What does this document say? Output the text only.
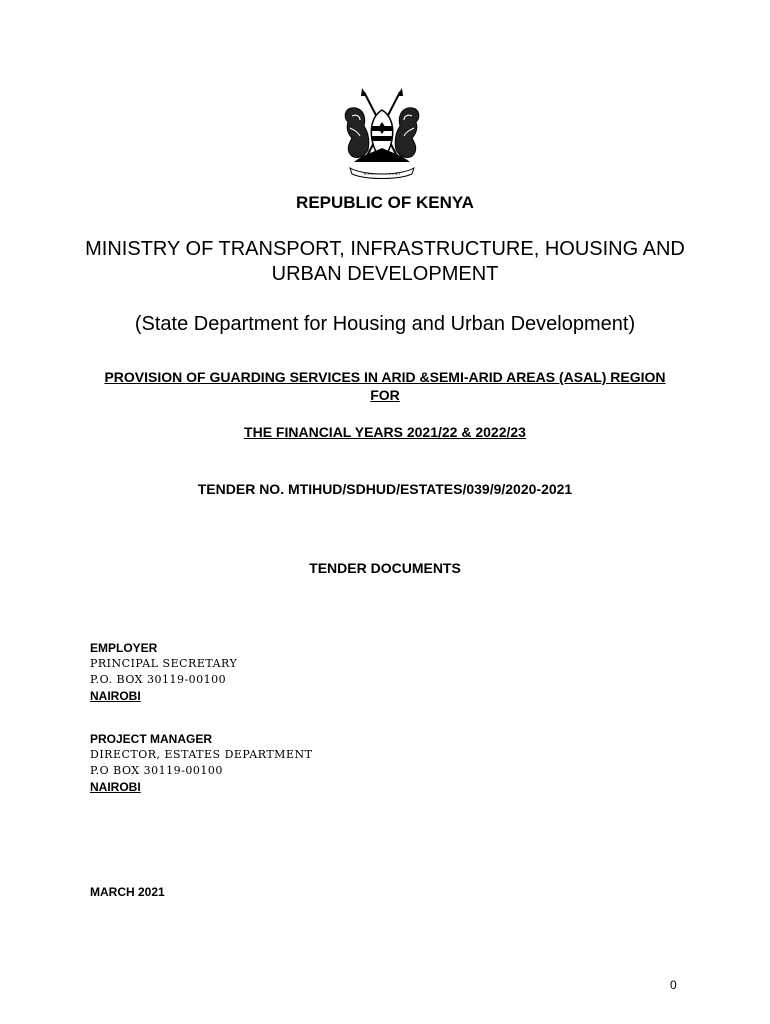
REPUBLIC OF KENYA

MINISTRY OF TRANSPORT, INFRASTRUCTURE, HOUSING AND
URBAN DEVELOPMENT

(State Department for Housing and Urban Development)

PROVISION OF GUARDING SERVICES IN ARID &SEMI-ARID AREAS (ASAL) REGION
FOR

THE FINANCIAL YEARS 2021/22 & 2022/23

TENDER NO. MTIHUD/SDHUD/ESTATES/039/9/2020-2021

TENDER DOCUMENTS

EMPLOYER
PRINCIPAL SECRETARY
P.O. BOX 30119-00100
NAIROBI
PROJECT MANAGER
DIRECTOR, ESTATES DEPARTMENT
P.O BOX 30119-00100
NAIROBI

MARCH 2021

0
